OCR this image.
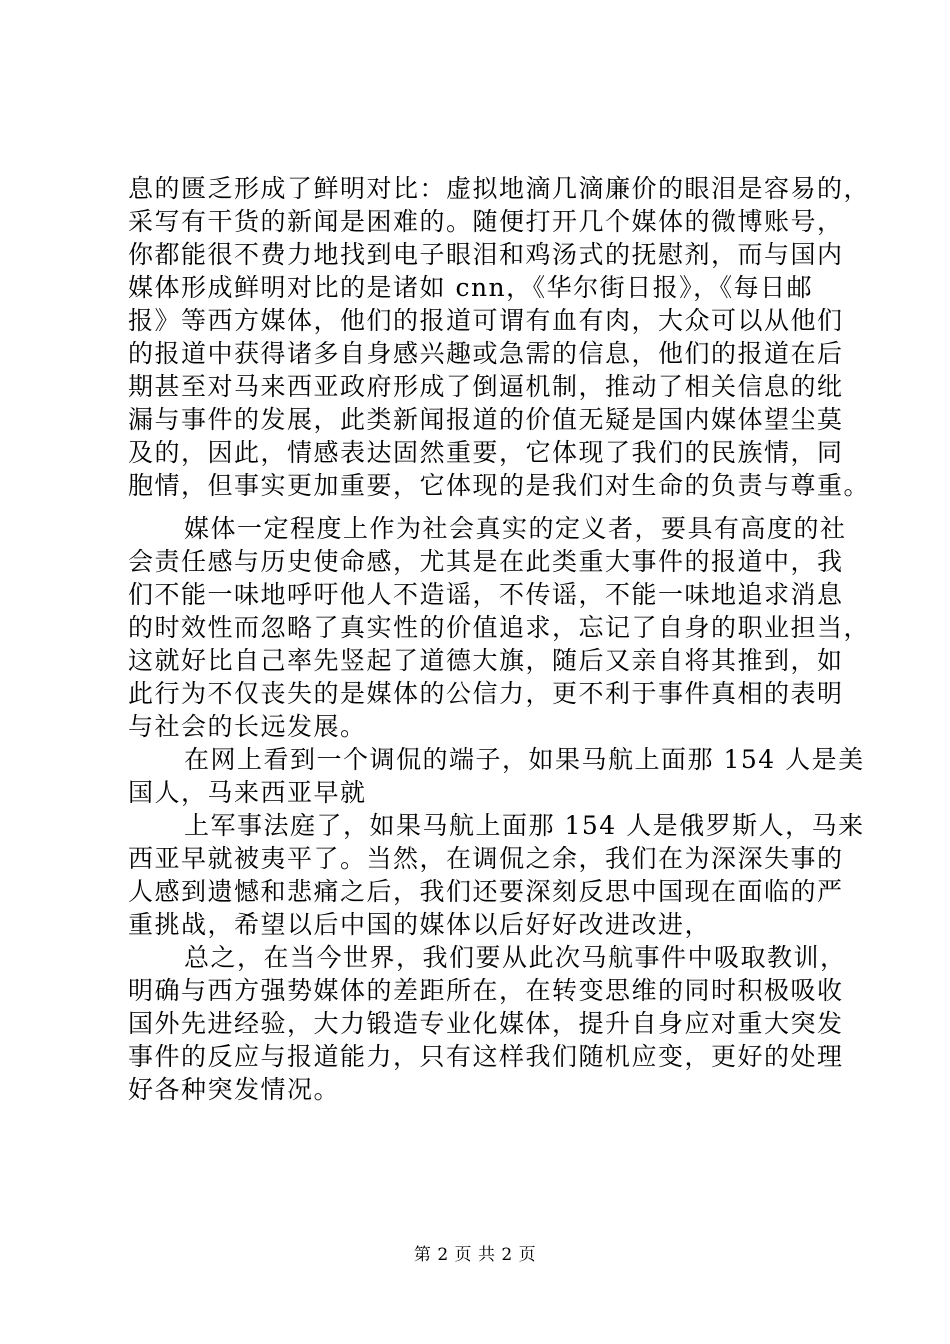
息的匮乏形成了鲜明对比：虚拟地滴几滴廉价的眼泪是容易的，
采写有干货的新闻是困难的。随便打开几个媒体的微博账号，
你都能很不费力地找到电子眼泪和鸡汤式的抚慰剂，而与国内
媒体形成鲜明对比的是诸如 cnn，《华尔街日报》，《每日邮
报》等西方媒体，他们的报道可谓有血有肉，大众可以从他们
的报道中获得诸多自身感兴趣或急需的信息，他们的报道在后
期甚至对马来西亚政府形成了倒逼机制，推动了相关信息的纰
漏与事件的发展，此类新闻报道的价值无疑是国内媒体望尘莫
及的，因此，情感表达固然重要，它体现了我们的民族情，同
胞情，但事实更加重要，它体现的是我们对生命的负责与尊重。
媒体一定程度上作为社会真实的定义者，要具有高度的社
会责任感与历史使命感，尤其是在此类重大事件的报道中，我
们不能一味地呼吁他人不造谣，不传谣，不能一味地追求消息
的时效性而忽略了真实性的价值追求，忘记了自身的职业担当，
这就好比自己率先竖起了道德大旗，随后又亲自将其推到，如
此行为不仅丧失的是媒体的公信力，更不利于事件真相的表明
与社会的长远发展。
在网上看到一个调侃的端子，如果马航上面那 154 人是美
国人，马来西亚早就
上军事法庭了，如果马航上面那 154 人是俄罗斯人，马来
西亚早就被夷平了。当然，在调侃之余，我们在为深深失事的
人感到遗憾和悲痛之后，我们还要深刻反思中国现在面临的严
重挑战，希望以后中国的媒体以后好好改进改进，
总之，在当今世界，我们要从此次马航事件中吸取教训，
明确与西方强势媒体的差距所在，在转变思维的同时积极吸收
国外先进经验，大力锻造专业化媒体，提升自身应对重大突发
事件的反应与报道能力，只有这样我们随机应变，更好的处理
好各种突发情况。
第 2 页 共 2 页
